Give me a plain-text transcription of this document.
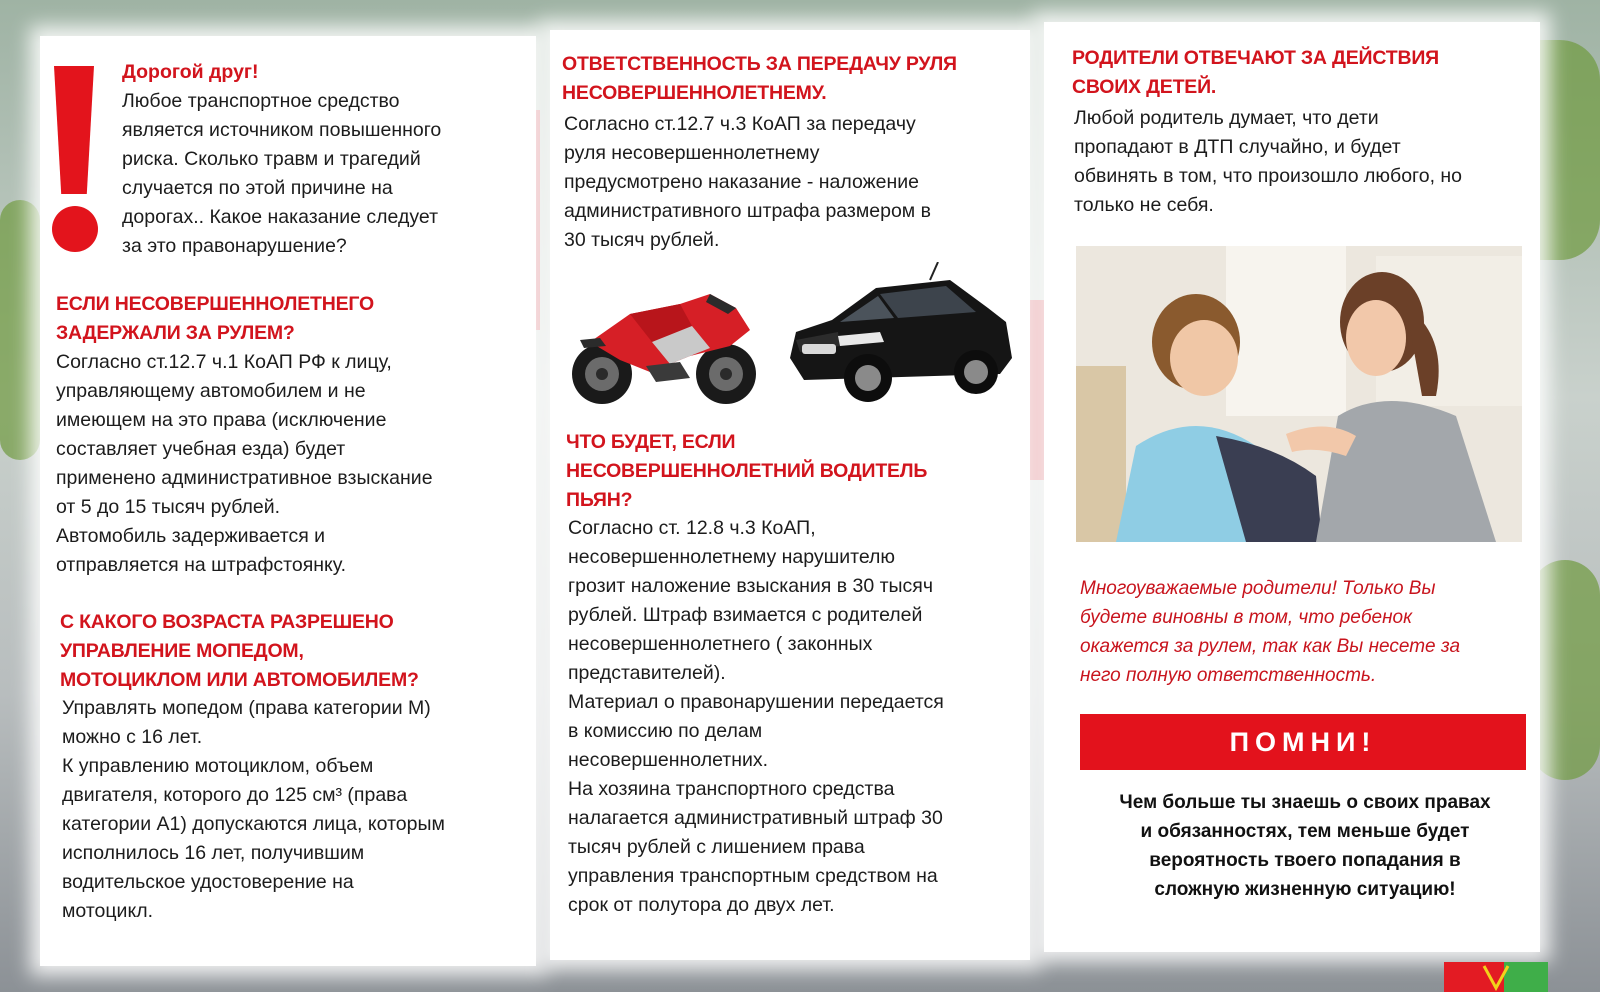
Дорогой друг!
Любое транспортное средство
является источником повышенного
риска. Сколько травм и трагедий
случается по этой причине на
дорогах.. Какое наказание следует
за это правонарушение?
ЕСЛИ НЕСОВЕРШЕННОЛЕТНЕГО
ЗАДЕРЖАЛИ ЗА РУЛЕМ?
Согласно ст.12.7 ч.1 КоАП РФ к лицу,
управляющему автомобилем и не
имеющем на это права (исключение
составляет учебная езда) будет
применено административное взыскание
от 5 до 15 тысяч рублей.
Автомобиль задерживается и
отправляется на штрафстоянку.
С КАКОГО ВОЗРАСТА РАЗРЕШЕНО
УПРАВЛЕНИЕ МОПЕДОМ,
МОТОЦИКЛОМ ИЛИ АВТОМОБИЛЕМ?
Управлять мопедом (права категории М)
можно с 16 лет.
К управлению мотоциклом, объем
двигателя, которого до 125 см³ (права
категории А1) допускаются лица, которым
исполнилось 16 лет, получившим
водительское удостоверение на
мотоцикл.
ОТВЕТСТВЕННОСТЬ ЗА ПЕРЕДАЧУ РУЛЯ
НЕСОВЕРШЕННОЛЕТНЕМУ.
Согласно ст.12.7 ч.3 КоАП за передачу
руля несовершеннолетнему
предусмотрено наказание - наложение
административного штрафа размером в
30 тысяч рублей.
ЧТО БУДЕТ, ЕСЛИ
НЕСОВЕРШЕННОЛЕТНИЙ ВОДИТЕЛЬ
ПЬЯН?
Согласно ст. 12.8 ч.3 КоАП,
несовершеннолетнему нарушителю
грозит наложение взыскания в 30 тысяч
рублей. Штраф взимается с родителей
несовершеннолетнего ( законных
представителей).
Материал о правонарушении передается
в комиссию по делам
несовершеннолетних.
На хозяина транспортного средства
налагается административный штраф 30
тысяч рублей с лишением права
управления транспортным средством на
срок от полутора до двух лет.
РОДИТЕЛИ ОТВЕЧАЮТ ЗА ДЕЙСТВИЯ
СВОИХ ДЕТЕЙ.
Любой родитель думает, что дети
пропадают в ДТП случайно, и будет
обвинять в том, что произошло любого, но
только не себя.
Многоуважаемые родители! Только Вы
будете виновны в том, что ребенок
окажется за рулем, так как Вы несете за
него полную ответственность.
ПОМНИ!
Чем больше ты знаешь о своих правах
и обязанностях, тем меньше будет
вероятность твоего попадания в
сложную жизненную ситуацию!
